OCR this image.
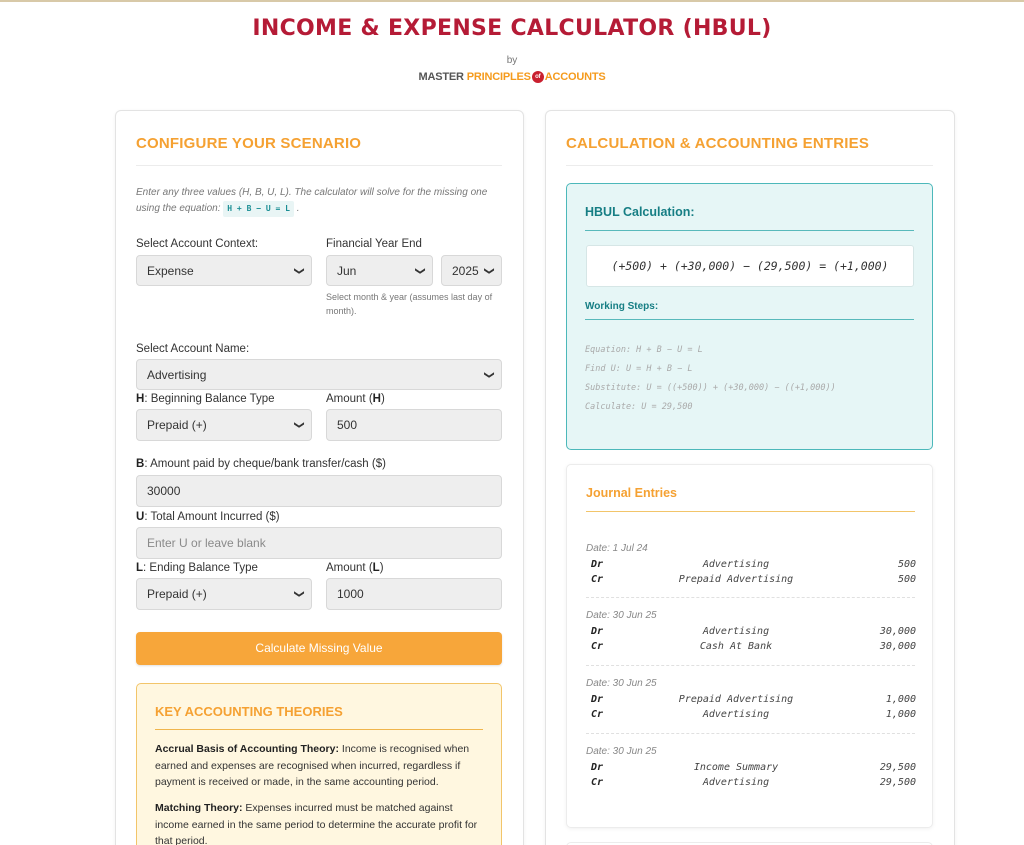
INCOME & EXPENSE CALCULATOR (HBUL)
by
MASTER PRINCIPLES of ACCOUNTS
CONFIGURE YOUR SCENARIO
Enter any three values (H, B, U, L). The calculator will solve for the missing one using the equation: H + B − U = L .
Select Account Context:
Expense	❯
Financial Year End
Jun	❯ 2025 ❯
Select month & year (assumes last day of month).
Select Account Name:
Advertising	❯
H: Beginning Balance Type
Prepaid (+)	❯
Amount (H)
500
B: Amount paid by cheque/bank transfer/cash ($)
30000
U: Total Amount Incurred ($)
Enter U or leave blank
L: Ending Balance Type
Prepaid (+)	❯
Amount (L)
1000
Calculate Missing Value
KEY ACCOUNTING THEORIES
Accrual Basis of Accounting Theory: Income is recognised when earned and expenses are recognised when incurred, regardless if payment is received or made, in the same accounting period.
Matching Theory: Expenses incurred must be matched against income earned in the same period to determine the accurate profit for that period.
CALCULATION & ACCOUNTING ENTRIES
HBUL Calculation:
(+500) + (+30,000) − (29,500) = (+1,000)
Working Steps:
Equation: H + B − U = L
Find U: U = H + B − L
Substitute: U = ((+500)) + (+30,000) − ((+1,000))
Calculate: U = 29,500
Journal Entries
Date: 1 Jul 24
Dr	Advertising	500
Cr	Prepaid Advertising	500
Date: 30 Jun 25
Dr	Advertising	30,000
Cr	Cash At Bank	30,000
Date: 30 Jun 25
Dr	Prepaid Advertising	1,000
Cr	Advertising	1,000
Date: 30 Jun 25
Dr	Income Summary	29,500
Cr	Advertising	29,500
